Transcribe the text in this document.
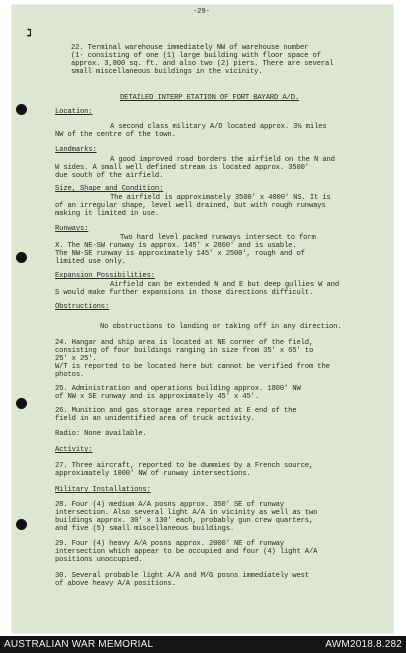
-29-
ℷ
22. Terminal warehouse immediately NW of warehouse number
(1- consisting of one (1) large building with floor space of
approx. 3,800 sq. ft. and also two (2) piers. There are several
small miscellaneous buildings in the vicinity.
DETAILED INTERP ETATION OF FORT BAYARD A/D.
Location:
A second class military A/D located approx. 3½ miles
NW of the centre of the town.
Landmarks:
A good improved road borders the airfield on the N and
W sides. A small well defined stream is located approx. 3500'
due south of the airfield.
Size, Shape and Condition:
The airfield is approximately 3500' x 4000' NS. It is
of an irregular shape, level well drained, but with rough runways
making it limited in use.
Runways:
Two hard level packed runways intersect to form
X. The NE-SW runway is approx. 145' x 2860' and is usable.
The NW-SE runway is approximately 145' x 2500', rough and of
limited use only.
Expansion Possibilities:
Airfield can be extended N and E but deep gullies W and
S would make further expansions in those directions difficult.
Obstructions:
No obstructions to landing or taking off in any direction.
24. Hangar and ship area is located at NE corner of the field,
consisting of four buildings ranging in size from 35' x 65' to
25' x 25'.
W/T is reported to be located here but cannot be verified from the
photos.
25. Administration and operations building approx. 1800' NW
of NW x SE runway and is approximately 45' x 45'.
26. Munition and gas storage area reported at E end of the
field in an unidentified area of truck activity.
Radio: None available.
Activity:
27. Three aircraft, reported to be dummies by a French source,
approximately 1000' NW of runway intersections.
Military Installations:
28. Four (4) medium A/A posns approx. 350' SE of runway
intersection. Also several light A/A in vicinity as well as two
buildings approx. 30' x 130' each, probably gun crew quarters,
and five (5) small miscellaneous buildings.
29. Four (4) heavy A/A posns approx. 2000' NE of runway
intersection which appear to be occupied and four (4) light A/A
positions unoccupied.
30. Several probable light A/A and M/G posns immediately west
of above heavy A/A positions.
AUSTRALIAN WAR MEMORIAL	AWM2018.8.282
